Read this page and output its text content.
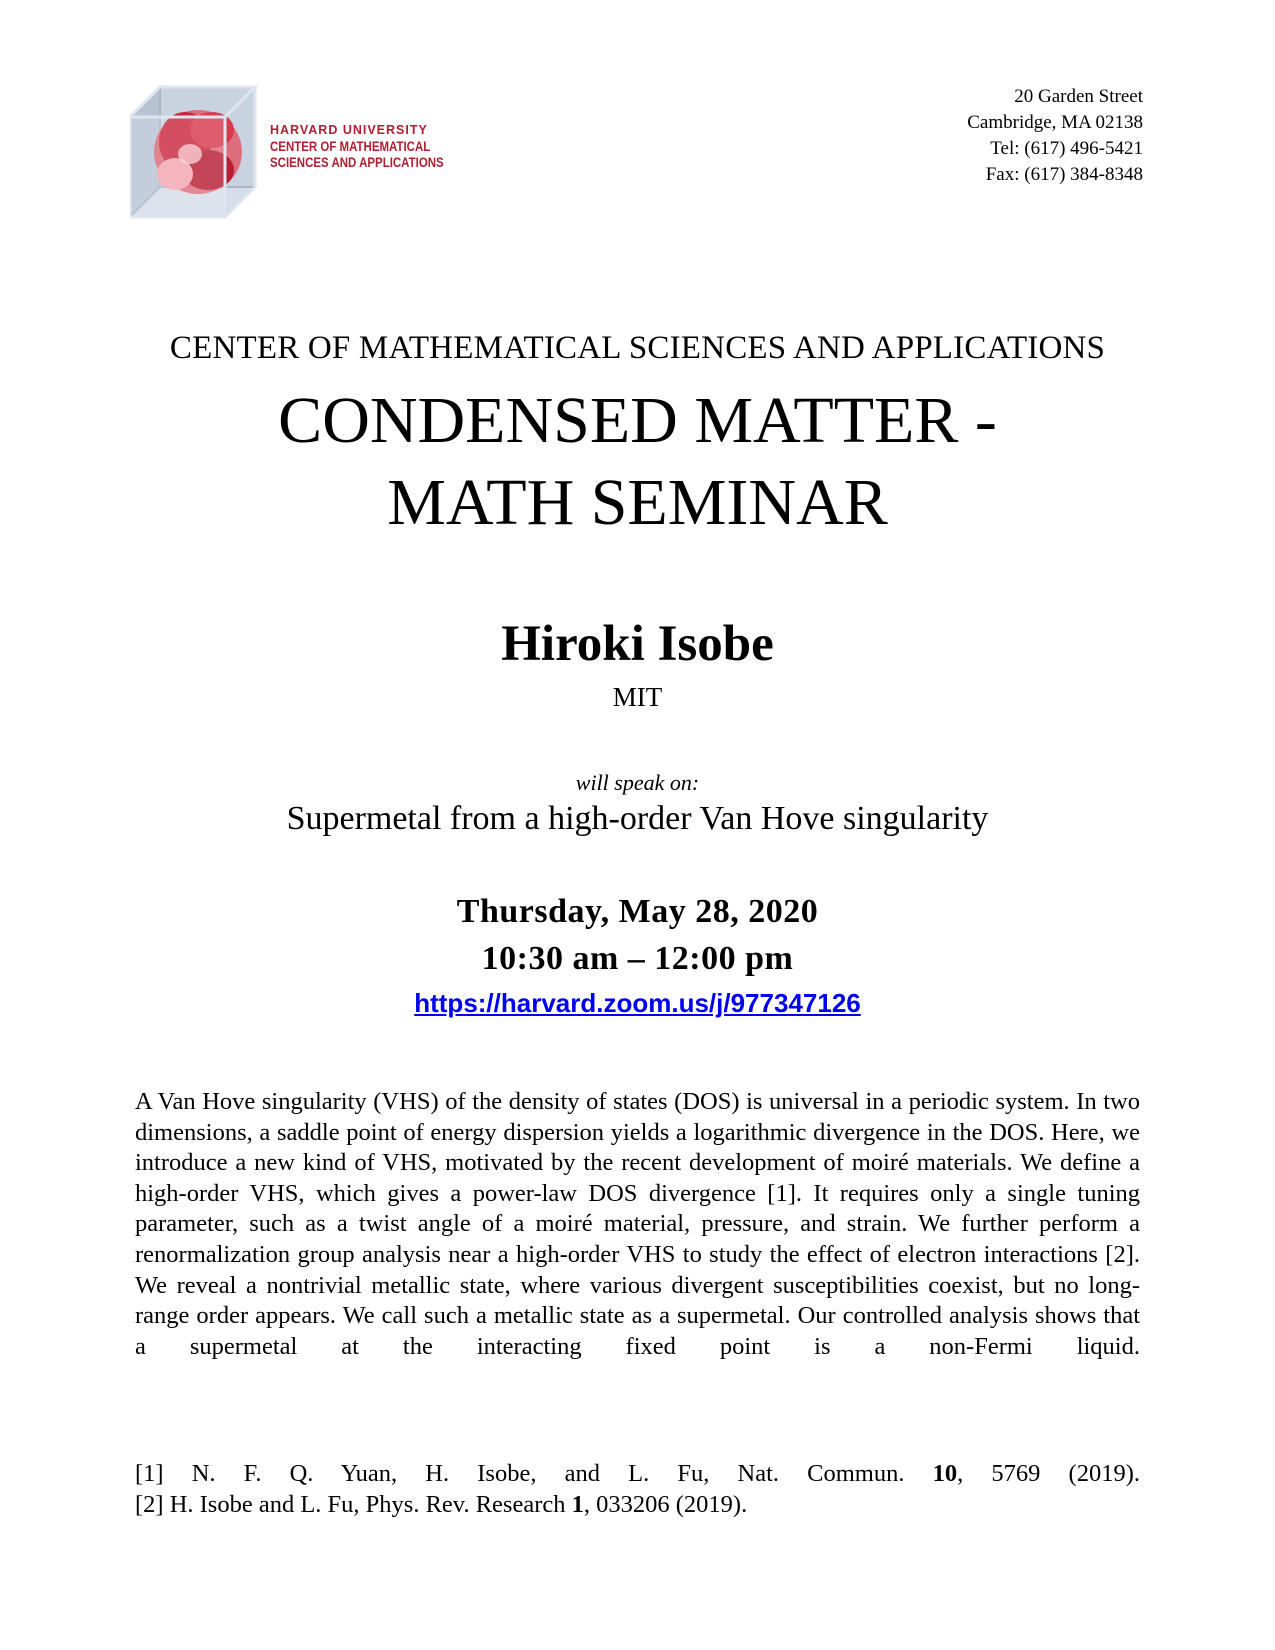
HARVARD UNIVERSITY
CENTER OF MATHEMATICAL
SCIENCES AND APPLICATIONS
20 Garden Street
Cambridge, MA 02138
Tel: (617) 496-5421
Fax: (617) 384-8348
CENTER OF MATHEMATICAL SCIENCES AND APPLICATIONS
CONDENSED MATTER -
MATH SEMINAR
Hiroki Isobe
MIT
will speak on:
Supermetal from a high-order Van Hove singularity
Thursday, May 28, 2020
10:30 am – 12:00 pm
https://harvard.zoom.us/j/977347126
A Van Hove singularity (VHS) of the density of states (DOS) is universal in a periodic system. In two dimensions, a saddle point of energy dispersion yields a logarithmic divergence in the DOS. Here, we introduce a new kind of VHS, motivated by the recent development of moiré materials. We define a high-order VHS, which gives a power-law DOS divergence [1]. It requires only a single tuning parameter, such as a twist angle of a moiré material, pressure, and strain. We further perform a renormalization group analysis near a high-order VHS to study the effect of electron interactions [2]. We reveal a nontrivial metallic state, where various divergent susceptibilities coexist, but no long-range order appears. We call such a metallic state as a supermetal. Our controlled analysis shows that a supermetal at the interacting fixed point is a non-Fermi liquid.
[1] N. F. Q. Yuan, H. Isobe, and L. Fu, Nat. Commun. 10, 5769 (2019).
[2] H. Isobe and L. Fu, Phys. Rev. Research 1, 033206 (2019).
